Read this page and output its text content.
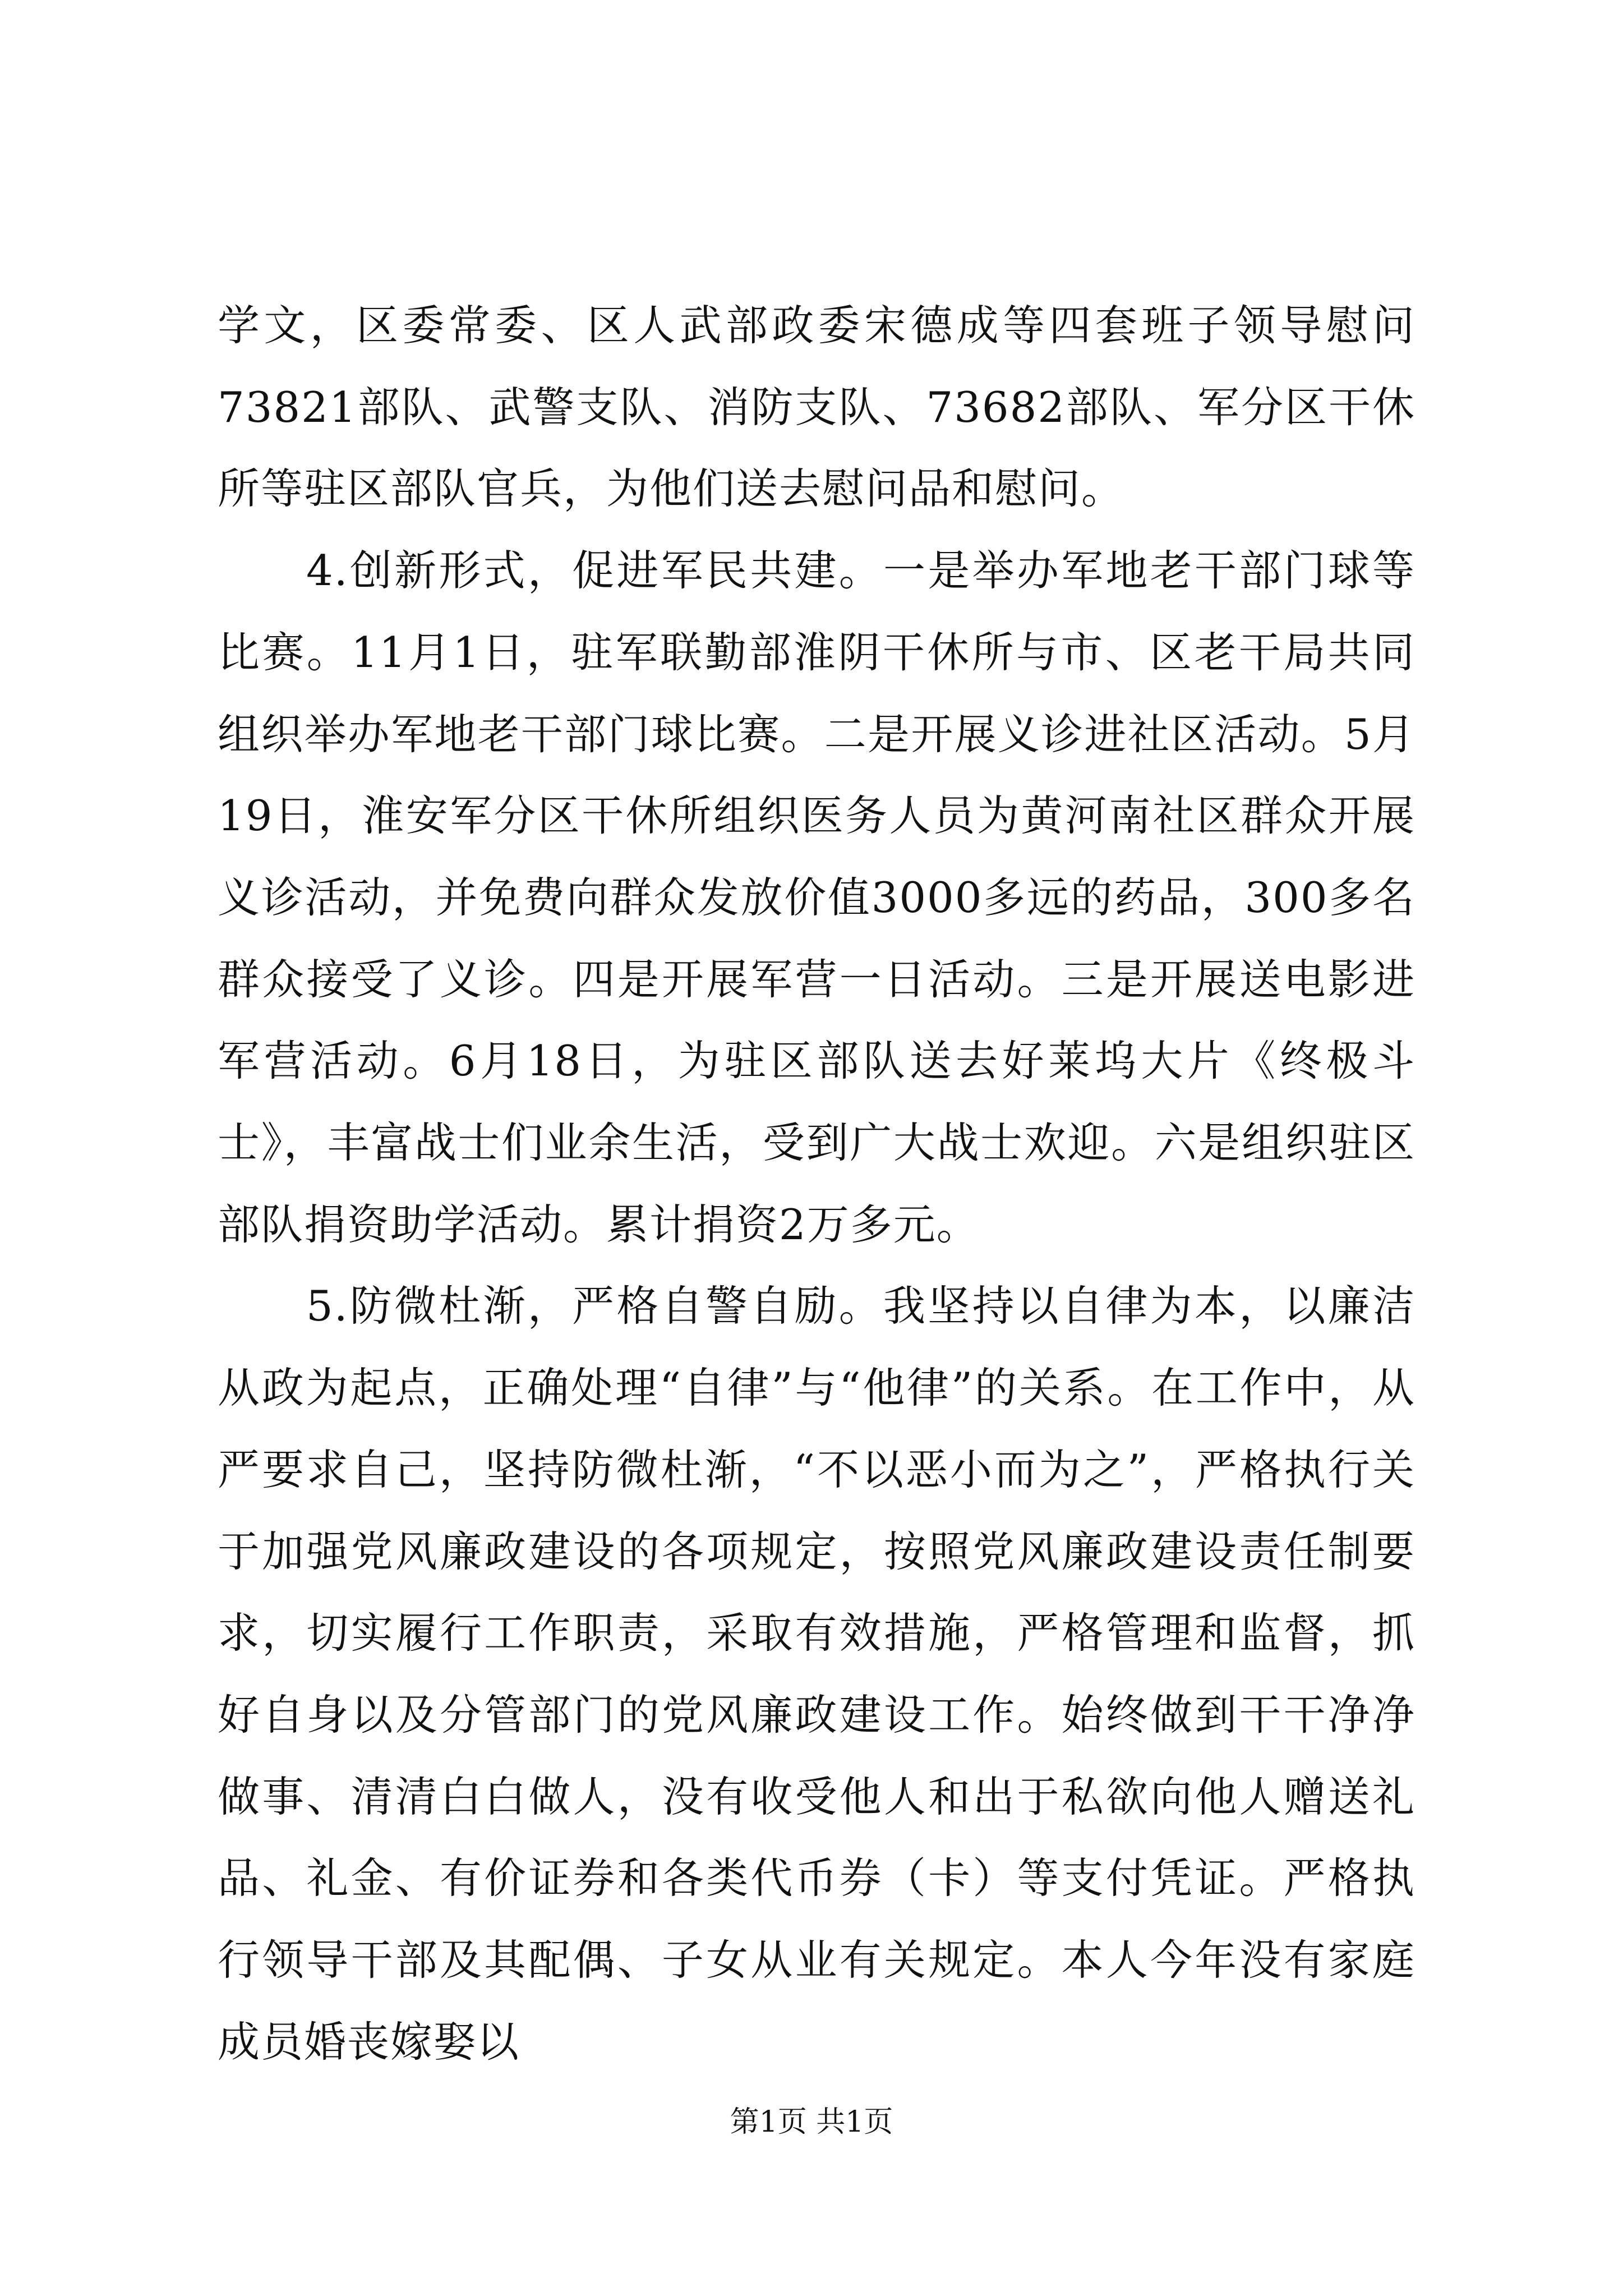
学文，区委常委、区人武部政委宋德成等四套班子领导慰问73821部队、武警支队、消防支队、73682部队、军分区干休所等驻区部队官兵，为他们送去慰问品和慰问。

4.创新形式，促进军民共建。一是举办军地老干部门球等比赛。11月1日，驻军联勤部淮阴干休所与市、区老干局共同组织举办军地老干部门球比赛。二是开展义诊进社区活动。5月19日，淮安军分区干休所组织医务人员为黄河南社区群众开展义诊活动，并免费向群众发放价值3000多远的药品，300多名群众接受了义诊。四是开展军营一日活动。三是开展送电影进军营活动。6月18日，为驻区部队送去好莱坞大片《终极斗士》，丰富战士们业余生活，受到广大战士欢迎。六是组织驻区部队捐资助学活动。累计捐资2万多元。

5.防微杜渐，严格自警自励。我坚持以自律为本，以廉洁从政为起点，正确处理“自律”与“他律”的关系。在工作中，从严要求自己，坚持防微杜渐，“不以恶小而为之”，严格执行关于加强党风廉政建设的各项规定，按照党风廉政建设责任制要求，切实履行工作职责，采取有效措施，严格管理和监督，抓好自身以及分管部门的党风廉政建设工作。始终做到干干净净做事、清清白白做人，没有收受他人和出于私欲向他人赠送礼品、礼金、有价证券和各类代币券（卡）等支付凭证。严格执行领导干部及其配偶、子女从业有关规定。本人今年没有家庭成员婚丧嫁娶以

第1页 共1页
